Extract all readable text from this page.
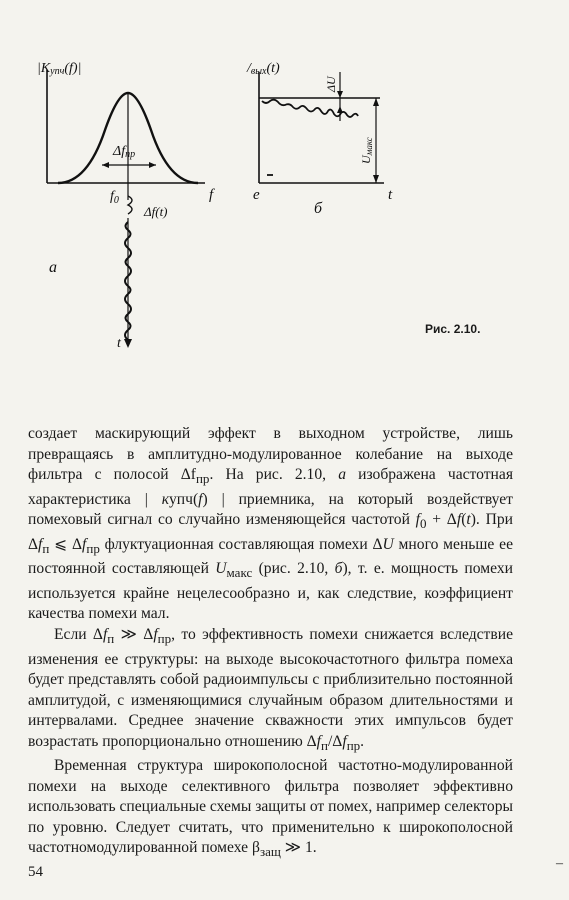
|Купч(f)|
f
Δfпр
$f_0$
Δf(t)
t
а
/вых(t)
ΔU
Uмакс
e	t
б
Рис. 2.10.

создает маскирующий эффект в выходном устройстве, лишь превращаясь в амплитудно-модулированное колебание на выходе фильтра с полосой $\Delta f_{пр}$. На рис. 2.10, а изображена частотная характеристика | купч(f) | приемника, на который воздействует помеховый сигнал со случайно изменяющейся частотой $f_0 + \Delta f(t)$. При $\Delta f_п$ ⩽ $\Delta f_{пр}$ флуктуационная составляющая помехи ΔU много меньше ее постоянной составляющей $U_{макс}$ (рис. 2.10, б), т. е. мощность помехи используется крайне нецелесообразно и, как следствие, коэффициент качества помехи мал.

Если $\Delta f_п$ ≫ $\Delta f_{пр}$, то эффективность помехи снижается вследствие изменения ее структуры: на выходе высокочастотного фильтра помеха будет представлять собой радиоимпульсы с приблизительно постоянной амплитудой, с изменяющимися случайным образом длительностями и интервалами. Среднее значение скважности этих импульсов будет возрастать пропорционально отношению $\Delta f_п/\Delta f_{пр}$.

Временная структура широкополосной частотно-модулированной помехи на выходе селективного фильтра позволяет эффективно использовать специальные схемы защиты от помех, например селекторы по уровню. Следует считать, что применительно к широкополосной частотномодулированной помехе $\beta_{защ}$ ≫ 1.

54
–
